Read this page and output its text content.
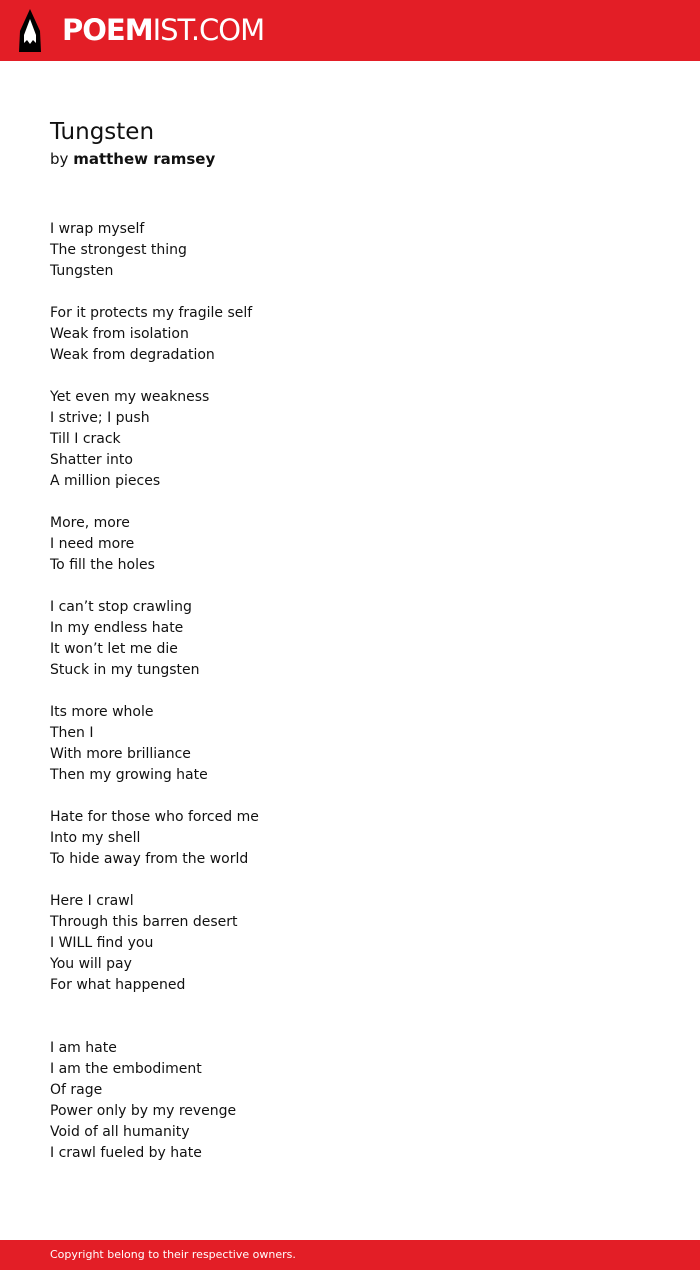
POEMIST.COM
Tungsten
by matthew ramsey
I wrap myself
The strongest thing
Tungsten
For it protects my fragile self
Weak from isolation
Weak from degradation
Yet even my weakness
I strive; I push
Till I crack
Shatter into
A million pieces
More, more
I need more
To fill the holes
I can’t stop crawling
In my endless hate
It won’t let me die
Stuck in my tungsten
Its more whole
Then I
With more brilliance
Then my growing hate
Hate for those who forced me
Into my shell
To hide away from the world
Here I crawl
Through this barren desert
I WILL find you
You will pay
For what happened
I am hate
I am the embodiment
Of rage
Power only by my revenge
Void of all humanity
I crawl fueled by hate
Copyright belong to their respective owners.
